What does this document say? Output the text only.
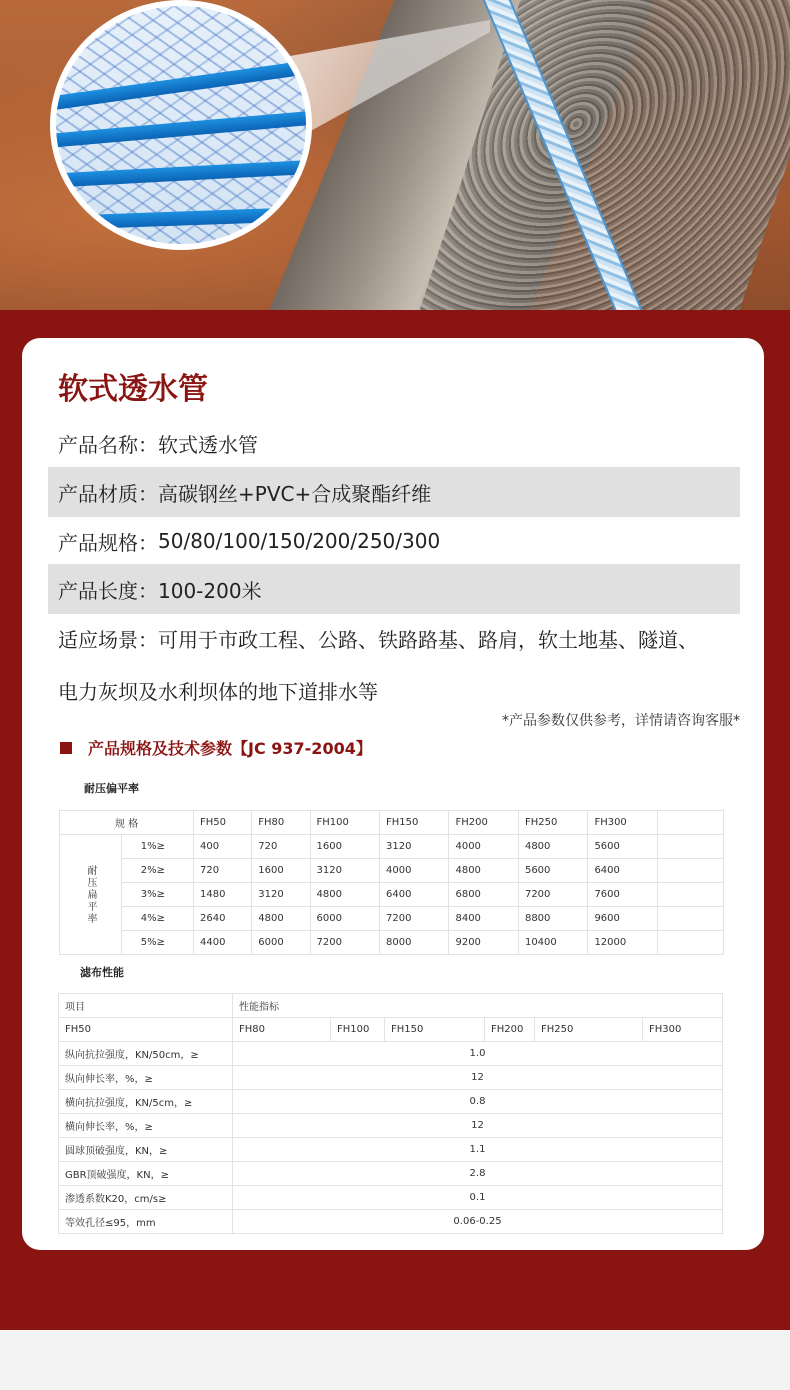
软式透水管
产品名称： 软式透水管
产品材质： 高碳钢丝+PVC+合成聚酯纤维
产品规格： 50/80/100/150/200/250/300
产品长度： 100-200米
适应场景：可用于市政工程、公路、铁路路基、路肩，软土地基、隧道、
电力灰坝及水利坝体的地下道排水等
*产品参数仅供参考，详情请咨询客服*
产品规格及技术参数【JC 937-2004】
耐压偏平率
规 格		FH50	FH80	FH100	FH150	FH200	FH250	FH300	
耐压扁平率	1%≥	400	720	1600	3120	4000	4800	5600	
	2%≥	720	1600	3120	4000	4800	5600	6400	
	3%≥	1480	3120	4800	6400	6800	7200	7600	
	4%≥	2640	4800	6000	7200	8400	8800	9600	
	5%≥	4400	6000	7200	8000	9200	10400	12000	
滤布性能
项目	性能指标						
FH50	FH80	FH100	FH150		FH200	FH250	FH300
纵向抗拉强度，KN/50cm，≥	1.0						
纵向伸长率，%，≥	12						
横向抗拉强度，KN/5cm，≥	0.8						
横向伸长率，%，≥	12						
圆球顶破强度，KN，≥	1.1						
GBR顶破强度，KN，≥	2.8						
渗透系数K20，cm/s≥	0.1						
等效孔径≤95，mm	0.06-0.25						
